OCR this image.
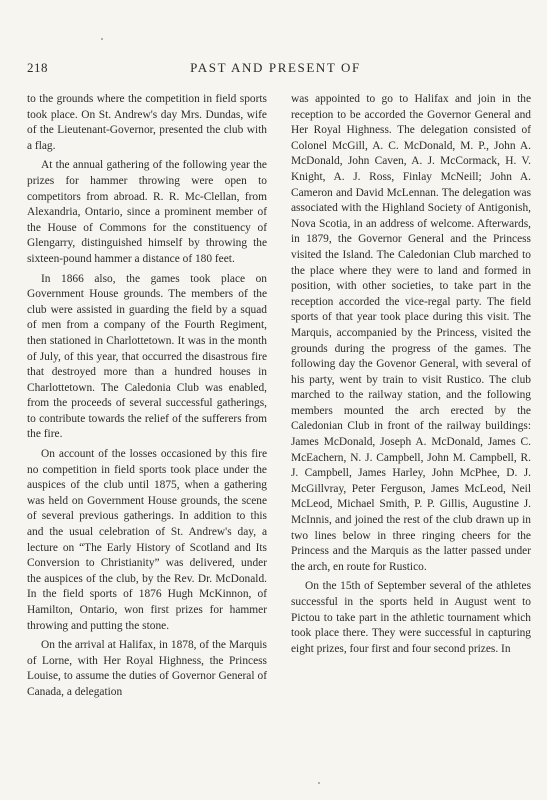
218	PAST AND PRESENT OF

to the grounds where the competition in field sports took place. On St. Andrew's day Mrs. Dundas, wife of the Lieutenant-Governor, presented the club with a flag.

At the annual gathering of the following year the prizes for hammer throwing were open to competitors from abroad. R. R. Mc-Clellan, from Alexandria, Ontario, since a prominent member of the House of Commons for the constituency of Glengarry, distinguished himself by throwing the sixteen-pound hammer a distance of 180 feet.

In 1866 also, the games took place on Government House grounds. The members of the club were assisted in guarding the field by a squad of men from a company of the Fourth Regiment, then stationed in Charlottetown. It was in the month of July, of this year, that occurred the disastrous fire that destroyed more than a hundred houses in Charlottetown. The Caledonia Club was enabled, from the proceeds of several successful gatherings, to contribute towards the relief of the sufferers from the fire.

On account of the losses occasioned by this fire no competition in field sports took place under the auspices of the club until 1875, when a gathering was held on Government House grounds, the scene of several previous gatherings. In addition to this and the usual celebration of St. Andrew's day, a lecture on “The Early History of Scotland and Its Conversion to Christianity” was delivered, under the auspices of the club, by the Rev. Dr. McDonald. In the field sports of 1876 Hugh McKinnon, of Hamilton, Ontario, won first prizes for hammer throwing and putting the stone.

On the arrival at Halifax, in 1878, of the Marquis of Lorne, with Her Royal Highness, the Princess Louise, to assume the duties of Governor General of Canada, a delegation

was appointed to go to Halifax and join in the reception to be accorded the Governor General and Her Royal Highness. The delegation consisted of Colonel McGill, A. C. McDonald, M. P., John A. McDonald, John Caven, A. J. McCormack, H. V. Knight, A. J. Ross, Finlay McNeill; John A. Cameron and David McLennan. The delegation was associated with the Highland Society of Antigonish, Nova Scotia, in an address of welcome. Afterwards, in 1879, the Governor General and the Princess visited the Island. The Caledonian Club marched to the place where they were to land and formed in position, with other societies, to take part in the reception accorded the vice-regal party. The field sports of that year took place during this visit. The Marquis, accompanied by the Princess, visited the grounds during the progress of the games. The following day the Govenor General, with several of his party, went by train to visit Rustico. The club marched to the railway station, and the following members mounted the arch erected by the Caledonian Club in front of the railway buildings: James McDonald, Joseph A. McDonald, James C. McEachern, N. J. Campbell, John M. Campbell, R. J. Campbell, James Harley, John McPhee, D. J. McGillvray, Peter Ferguson, James McLeod, Neil McLeod, Michael Smith, P. P. Gillis, Augustine J. McInnis, and joined the rest of the club drawn up in two lines below in three ringing cheers for the Princess and the Marquis as the latter passed under the arch, en route for Rustico.

On the 15th of September several of the athletes successful in the sports held in August went to Pictou to take part in the athletic tournament which took place there. They were successful in capturing eight prizes, four first and four second prizes. In
